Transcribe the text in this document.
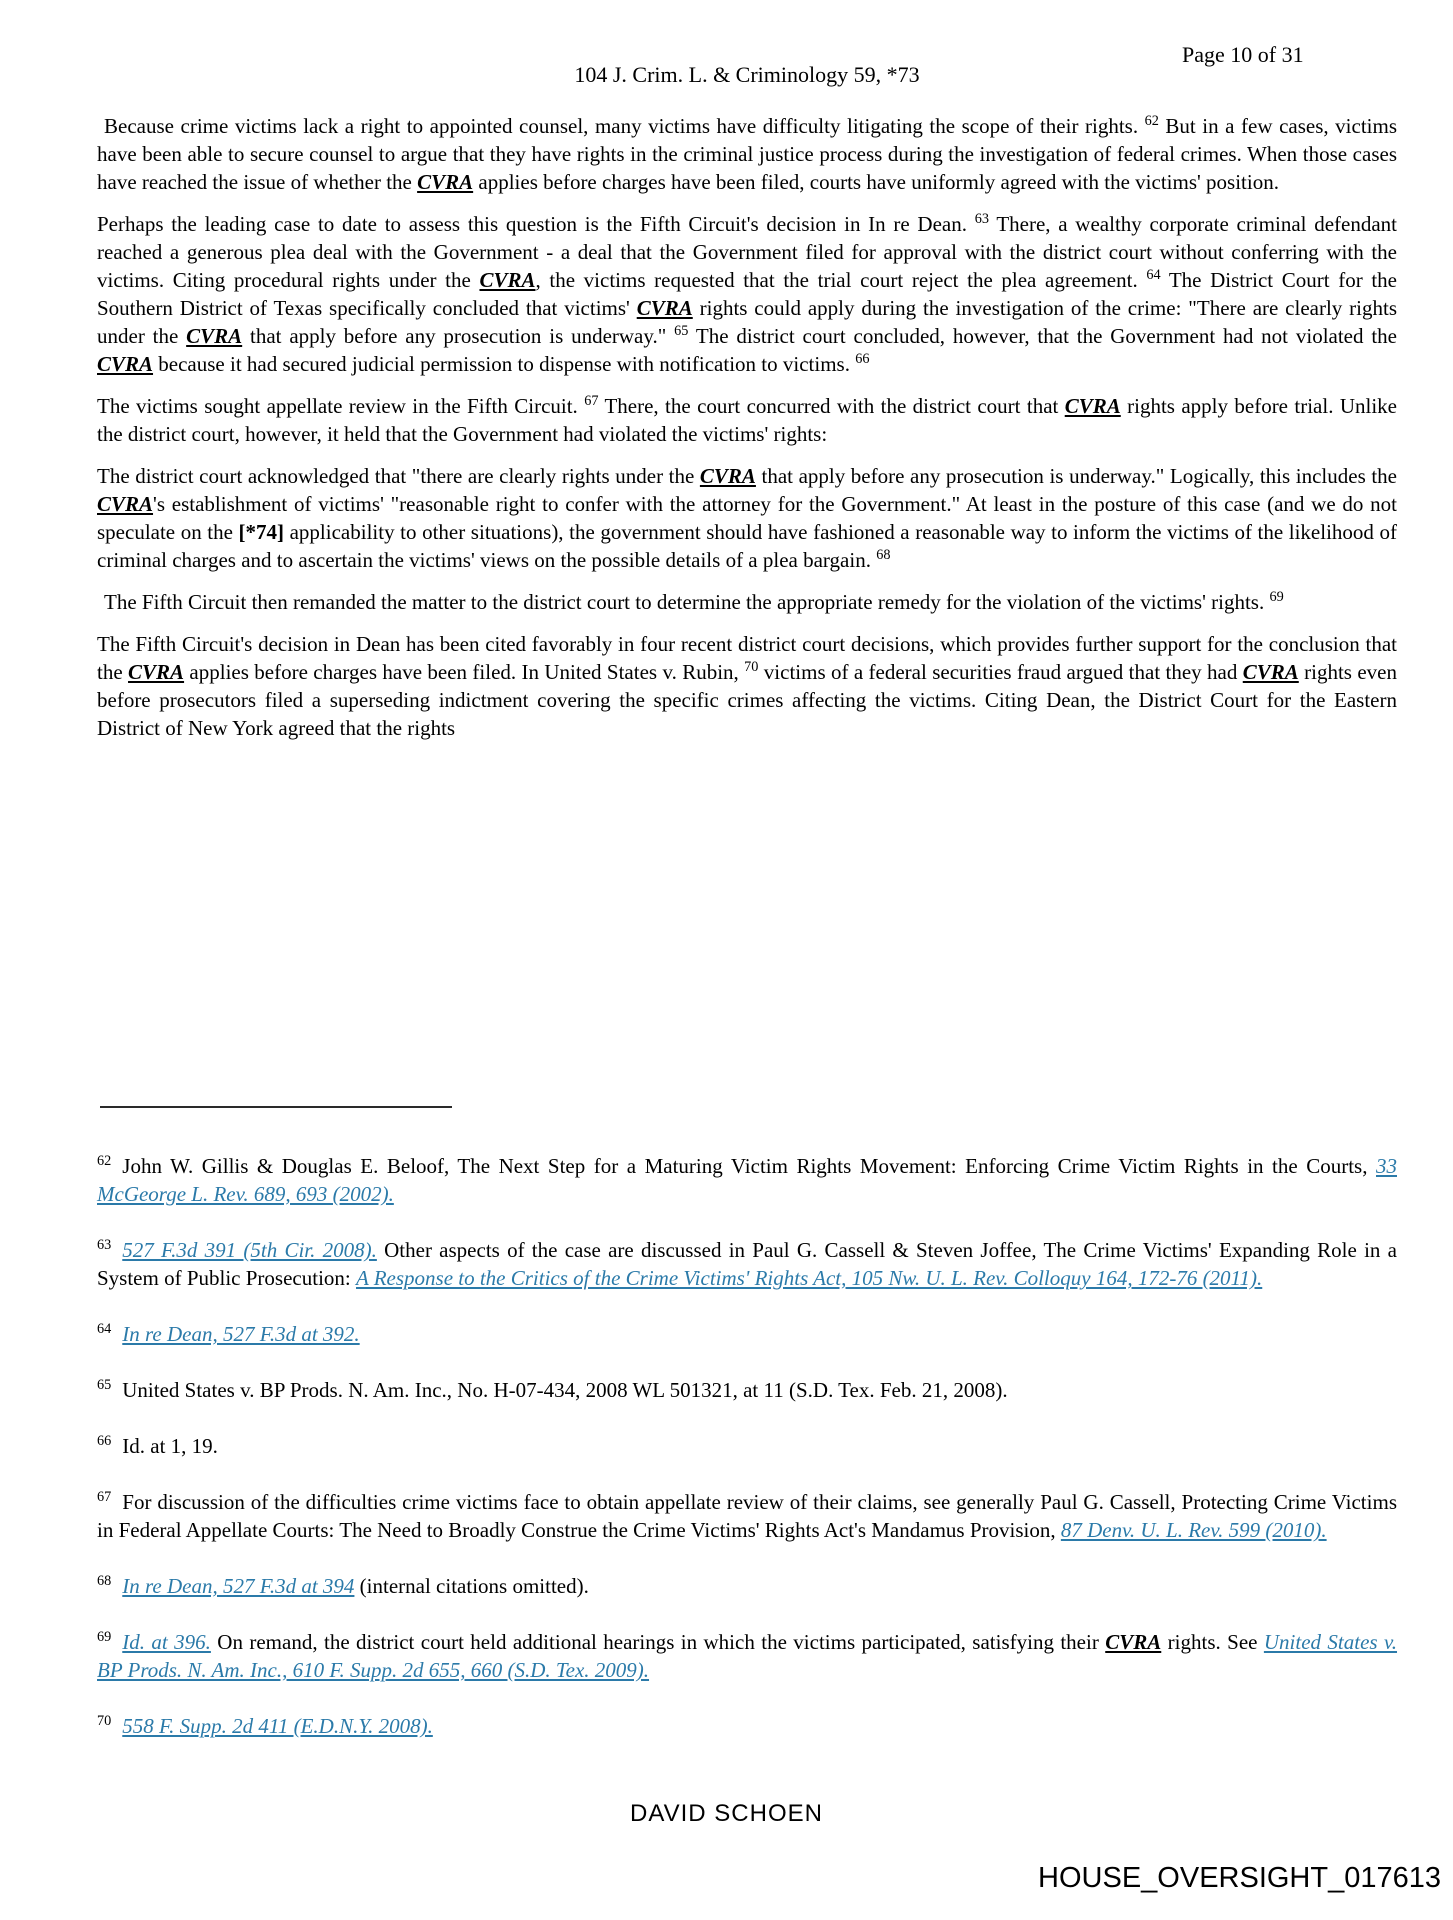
Page 10 of 31
104 J. Crim. L. & Criminology 59, *73

Because crime victims lack a right to appointed counsel, many victims have difficulty litigating the scope of their rights. $^{62}$ But in a few cases, victims have been able to secure counsel to argue that they have rights in the criminal justice process during the investigation of federal crimes. When those cases have reached the issue of whether the CVRA applies before charges have been filed, courts have uniformly agreed with the victims' position.

Perhaps the leading case to date to assess this question is the Fifth Circuit's decision in In re Dean. $^{63}$ There, a wealthy corporate criminal defendant reached a generous plea deal with the Government - a deal that the Government filed for approval with the district court without conferring with the victims. Citing procedural rights under the CVRA, the victims requested that the trial court reject the plea agreement. $^{64}$ The District Court for the Southern District of Texas specifically concluded that victims' CVRA rights could apply during the investigation of the crime: "There are clearly rights under the CVRA that apply before any prosecution is underway." $^{65}$ The district court concluded, however, that the Government had not violated the CVRA because it had secured judicial permission to dispense with notification to victims. $^{66}$

The victims sought appellate review in the Fifth Circuit. $^{67}$ There, the court concurred with the district court that CVRA rights apply before trial. Unlike the district court, however, it held that the Government had violated the victims' rights:

The district court acknowledged that "there are clearly rights under the CVRA that apply before any prosecution is underway." Logically, this includes the CVRA's establishment of victims' "reasonable right to confer with the attorney for the Government." At least in the posture of this case (and we do not speculate on the [*74] applicability to other situations), the government should have fashioned a reasonable way to inform the victims of the likelihood of criminal charges and to ascertain the victims' views on the possible details of a plea bargain. $^{68}$

The Fifth Circuit then remanded the matter to the district court to determine the appropriate remedy for the violation of the victims' rights. $^{69}$

The Fifth Circuit's decision in Dean has been cited favorably in four recent district court decisions, which provides further support for the conclusion that the CVRA applies before charges have been filed. In United States v. Rubin, $^{70}$ victims of a federal securities fraud argued that they had CVRA rights even before prosecutors filed a superseding indictment covering the specific crimes affecting the victims. Citing Dean, the District Court for the Eastern District of New York agreed that the rights

$^{62}$ John W. Gillis & Douglas E. Beloof, The Next Step for a Maturing Victim Rights Movement: Enforcing Crime Victim Rights in the Courts, 33 McGeorge L. Rev. 689, 693 (2002).
$^{63}$ 527 F.3d 391 (5th Cir. 2008). Other aspects of the case are discussed in Paul G. Cassell & Steven Joffee, The Crime Victims' Expanding Role in a System of Public Prosecution: A Response to the Critics of the Crime Victims' Rights Act, 105 Nw. U. L. Rev. Colloquy 164, 172-76 (2011).
$^{64}$ In re Dean, 527 F.3d at 392.
$^{65}$ United States v. BP Prods. N. Am. Inc., No. H-07-434, 2008 WL 501321, at 11 (S.D. Tex. Feb. 21, 2008).
$^{66}$ Id. at 1, 19.
$^{67}$ For discussion of the difficulties crime victims face to obtain appellate review of their claims, see generally Paul G. Cassell, Protecting Crime Victims in Federal Appellate Courts: The Need to Broadly Construe the Crime Victims' Rights Act's Mandamus Provision, 87 Denv. U. L. Rev. 599 (2010).
$^{68}$ In re Dean, 527 F.3d at 394 (internal citations omitted).
$^{69}$ Id. at 396. On remand, the district court held additional hearings in which the victims participated, satisfying their CVRA rights. See United States v. BP Prods. N. Am. Inc., 610 F. Supp. 2d 655, 660 (S.D. Tex. 2009).
$^{70}$ 558 F. Supp. 2d 411 (E.D.N.Y. 2008).
DAVID SCHOEN
HOUSE_OVERSIGHT_017613
